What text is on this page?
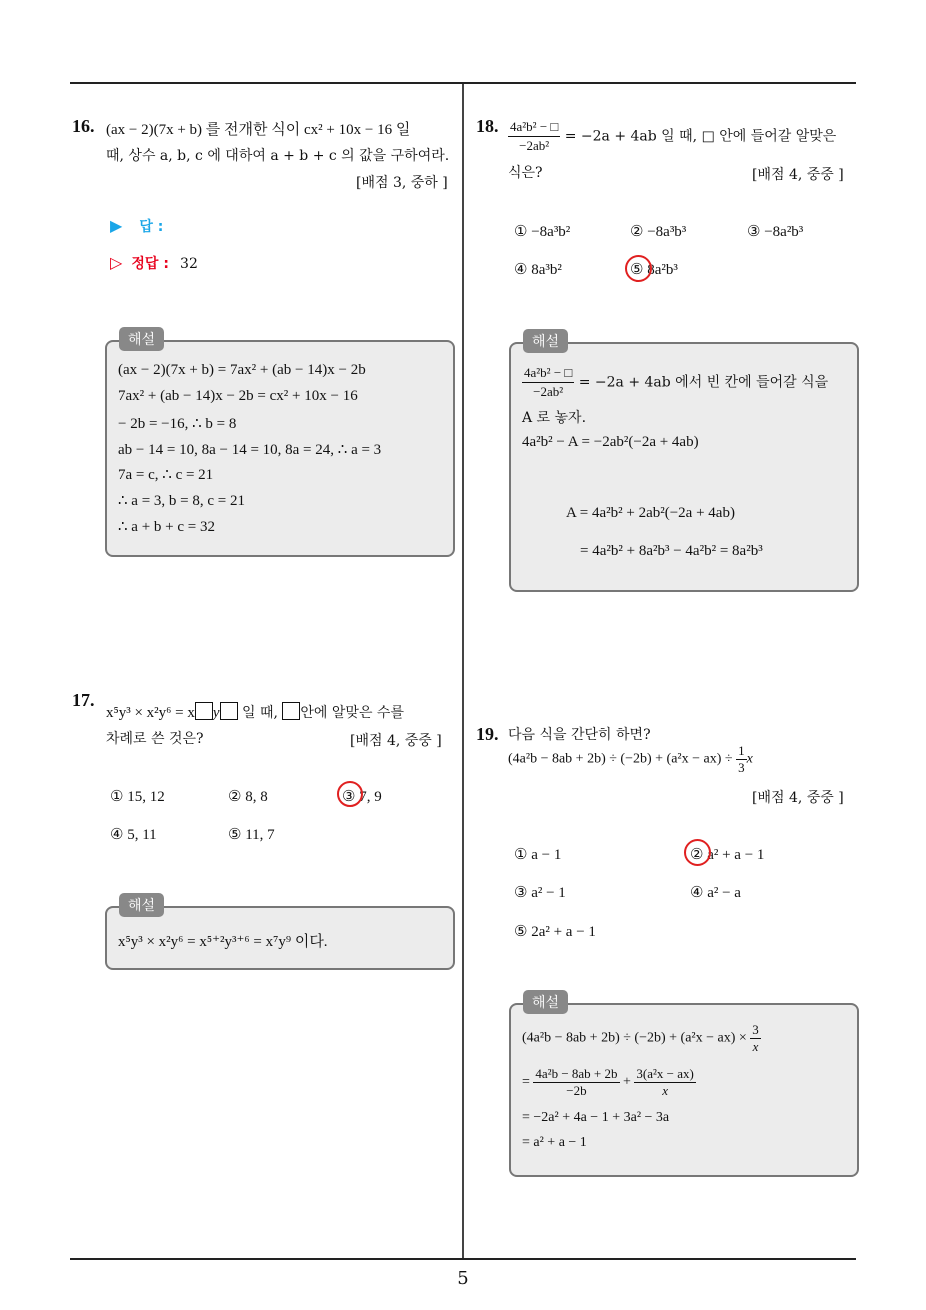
16. (ax − 2)(7x + b) 를 전개한 식이 cx² + 10x − 16 일
때, 상수 a, b, c 에 대하여 a + b + c 의 값을 구하여라.
[배점 3, 중하 ]
▶ 답 :
▷ 정답 : 32
해설
(ax − 2)(7x + b) = 7ax² + (ab − 14)x − 2b
7ax² + (ab − 14)x − 2b = cx² + 10x − 16
− 2b = −16, ∴ b = 8
ab − 14 = 10, 8a − 14 = 10, 8a = 24, ∴ a = 3
7a = c, ∴ c = 21
∴ a = 3, b = 8, c = 21
∴ a + b + c = 32
17.
x⁵y³ × x²y⁶ = x y 일 때, 안에 알맞은 수를
차례로 쓴 것은?	[배점 4, 중중 ]
① 15, 12	② 8, 8	③ 7, 9
④ 5, 11	⑤ 11, 7
해설
x⁵y³ × x²y⁶ = x⁵⁺²y³⁺⁶ = x⁷y⁹ 이다.
18. $\frac{\text{4a²b² − □}}{\text{−2ab²}} = -2a + 4ab$ 일 때, □ 안에 들어갈 알맞은
식은?	[배점 4, 중중 ]
① −8a³b²	② −8a³b³	③ −8a²b³
④ 8a³b²	⑤ 8a²b³
해설
$\frac{\text{4a²b² − □}}{\text{−2ab²}} = -2a + 4ab$ 에서 빈 칸에 들어갈 식을
A 로 놓자.
4a²b² − A = −2ab²(−2a + 4ab)
A = 4a²b² + 2ab²(−2a + 4ab)
= 4a²b² + 8a²b³ − 4a²b² = 8a²b³
19. 다음 식을 간단히 하면?
$(4a^2b - 8ab + 2b) \div (-2b) + (a^2x - ax) \div \frac{1}{3}$ x
[배점 4, 중중 ]
① a − 1	② a² + a − 1
③ a² − 1	④ a² − a
⑤ 2a² + a − 1
해설
$(4a^2b - 8ab + 2b) \div (-2b) + (a^2x - ax) \times \frac{3}{x}$
= $\frac{\text{4a²b − 8ab + 2b}}{-2b} + \frac{\text{3(a²x − ax)}}{x}$
= −2a² + 4a − 1 + 3a² − 3a
= a² + a − 1
5
